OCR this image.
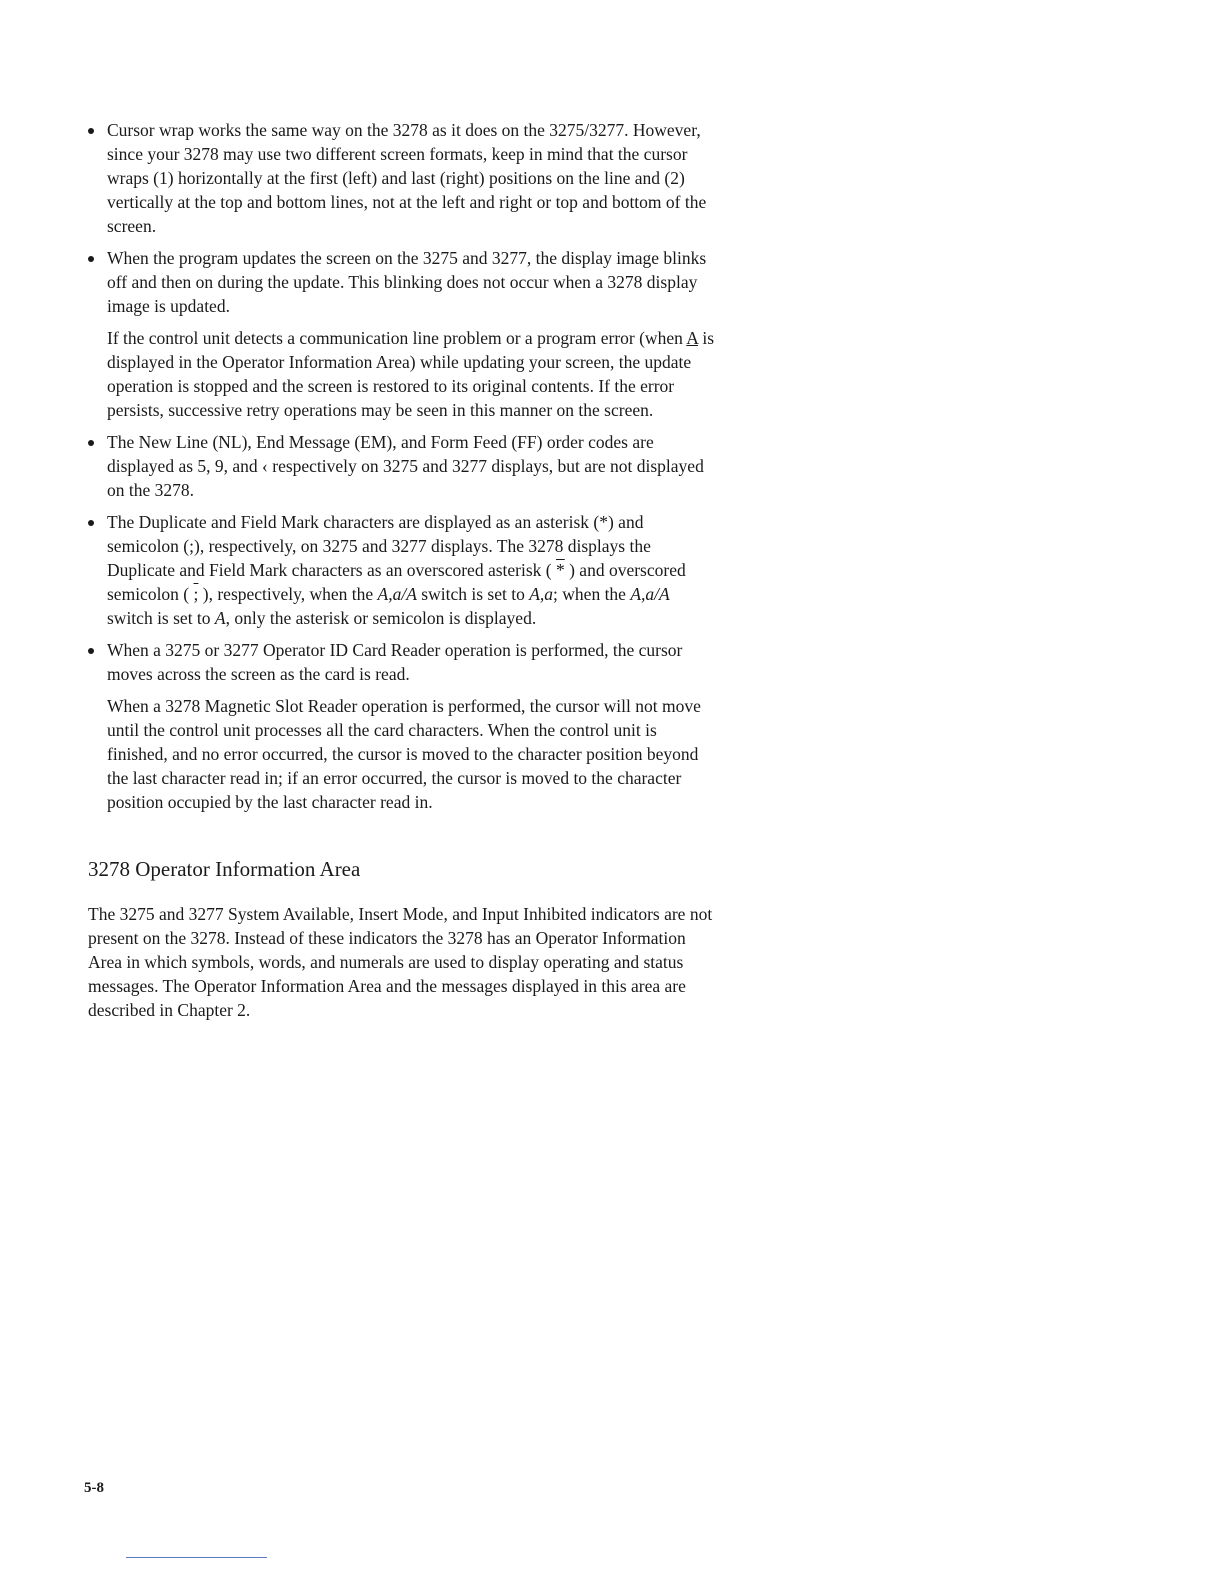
Cursor wrap works the same way on the 3278 as it does on the 3275/3277. However, since your 3278 may use two different screen formats, keep in mind that the cursor wraps (1) horizontally at the first (left) and last (right) positions on the line and (2) vertically at the top and bottom lines, not at the left and right or top and bottom of the screen.

When the program updates the screen on the 3275 and 3277, the display image blinks off and then on during the update. This blinking does not occur when a 3278 display image is updated.

If the control unit detects a communication line problem or a program error (when A is displayed in the Operator Information Area) while updating your screen, the update operation is stopped and the screen is restored to its original contents. If the error persists, successive retry operations may be seen in this manner on the screen.

The New Line (NL), End Message (EM), and Form Feed (FF) order codes are displayed as 5, 9, and ‹ respectively on 3275 and 3277 displays, but are not displayed on the 3278.

The Duplicate and Field Mark characters are displayed as an asterisk (*) and semicolon (;), respectively, on 3275 and 3277 displays. The 3278 displays the Duplicate and Field Mark characters as an overscored asterisk ( * ) and overscored semicolon ( ; ), respectively, when the A,a/A switch is set to A,a; when the A,a/A switch is set to A, only the asterisk or semicolon is displayed.

When a 3275 or 3277 Operator ID Card Reader operation is performed, the cursor moves across the screen as the card is read.

When a 3278 Magnetic Slot Reader operation is performed, the cursor will not move until the control unit processes all the card characters. When the control unit is finished, and no error occurred, the cursor is moved to the character position beyond the last character read in; if an error occurred, the cursor is moved to the character position occupied by the last character read in.

3278 Operator Information Area

The 3275 and 3277 System Available, Insert Mode, and Input Inhibited indicators are not present on the 3278. Instead of these indicators the 3278 has an Operator Information Area in which symbols, words, and numerals are used to display operating and status messages. The Operator Information Area and the messages displayed in this area are described in Chapter 2.

5-8
